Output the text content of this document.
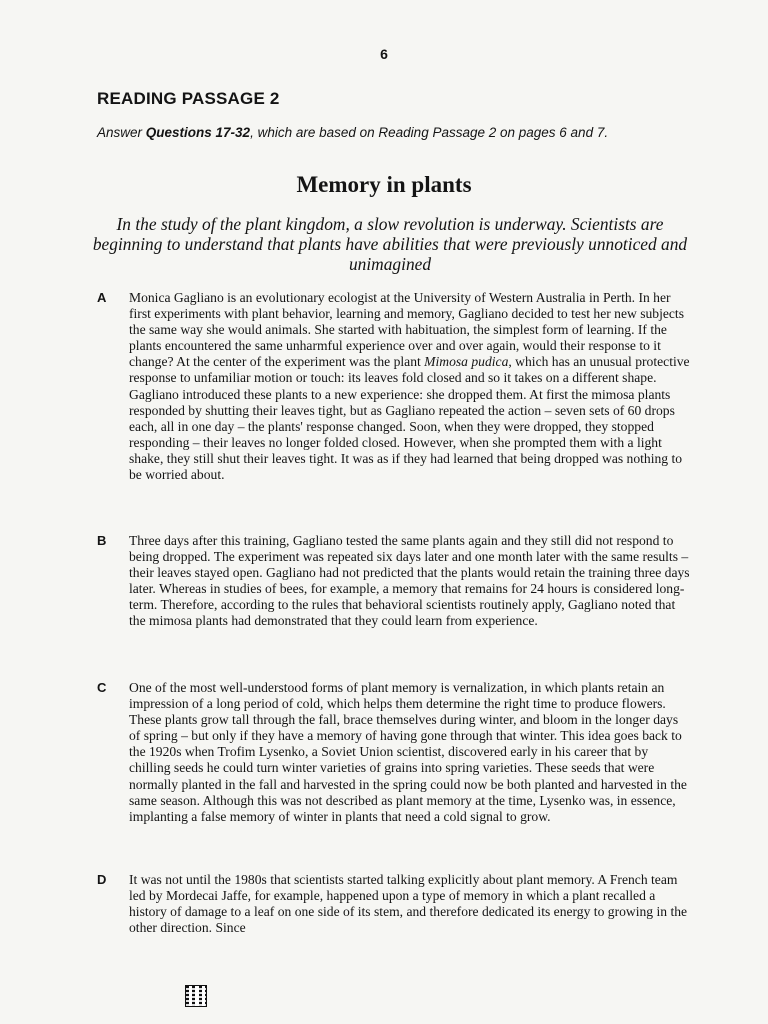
6
READING PASSAGE 2
Answer Questions 17-32, which are based on Reading Passage 2 on pages 6 and 7.
Memory in plants
In the study of the plant kingdom, a slow revolution is underway. Scientists are beginning to understand that plants have abilities that were previously unnoticed and unimagined
A Monica Gagliano is an evolutionary ecologist at the University of Western Australia in Perth. In her first experiments with plant behavior, learning and memory, Gagliano decided to test her new subjects the same way she would animals. She started with habituation, the simplest form of learning. If the plants encountered the same unharmful experience over and over again, would their response to it change? At the center of the experiment was the plant Mimosa pudica, which has an unusual protective response to unfamiliar motion or touch: its leaves fold closed and so it takes on a different shape. Gagliano introduced these plants to a new experience: she dropped them. At first the mimosa plants responded by shutting their leaves tight, but as Gagliano repeated the action – seven sets of 60 drops each, all in one day – the plants' response changed. Soon, when they were dropped, they stopped responding – their leaves no longer folded closed. However, when she prompted them with a light shake, they still shut their leaves tight. It was as if they had learned that being dropped was nothing to be worried about.
B Three days after this training, Gagliano tested the same plants again and they still did not respond to being dropped. The experiment was repeated six days later and one month later with the same results – their leaves stayed open. Gagliano had not predicted that the plants would retain the training three days later. Whereas in studies of bees, for example, a memory that remains for 24 hours is considered long-term. Therefore, according to the rules that behavioral scientists routinely apply, Gagliano noted that the mimosa plants had demonstrated that they could learn from experience.
C One of the most well-understood forms of plant memory is vernalization, in which plants retain an impression of a long period of cold, which helps them determine the right time to produce flowers. These plants grow tall through the fall, brace themselves during winter, and bloom in the longer days of spring – but only if they have a memory of having gone through that winter. This idea goes back to the 1920s when Trofim Lysenko, a Soviet Union scientist, discovered early in his career that by chilling seeds he could turn winter varieties of grains into spring varieties. These seeds that were normally planted in the fall and harvested in the spring could now be both planted and harvested in the same season. Although this was not described as plant memory at the time, Lysenko was, in essence, implanting a false memory of winter in plants that need a cold signal to grow.
D It was not until the 1980s that scientists started talking explicitly about plant memory. A French team led by Mordecai Jaffe, for example, happened upon a type of memory in which a plant recalled a history of damage to a leaf on one side of its stem, and therefore dedicated its energy to growing in the other direction. Since
